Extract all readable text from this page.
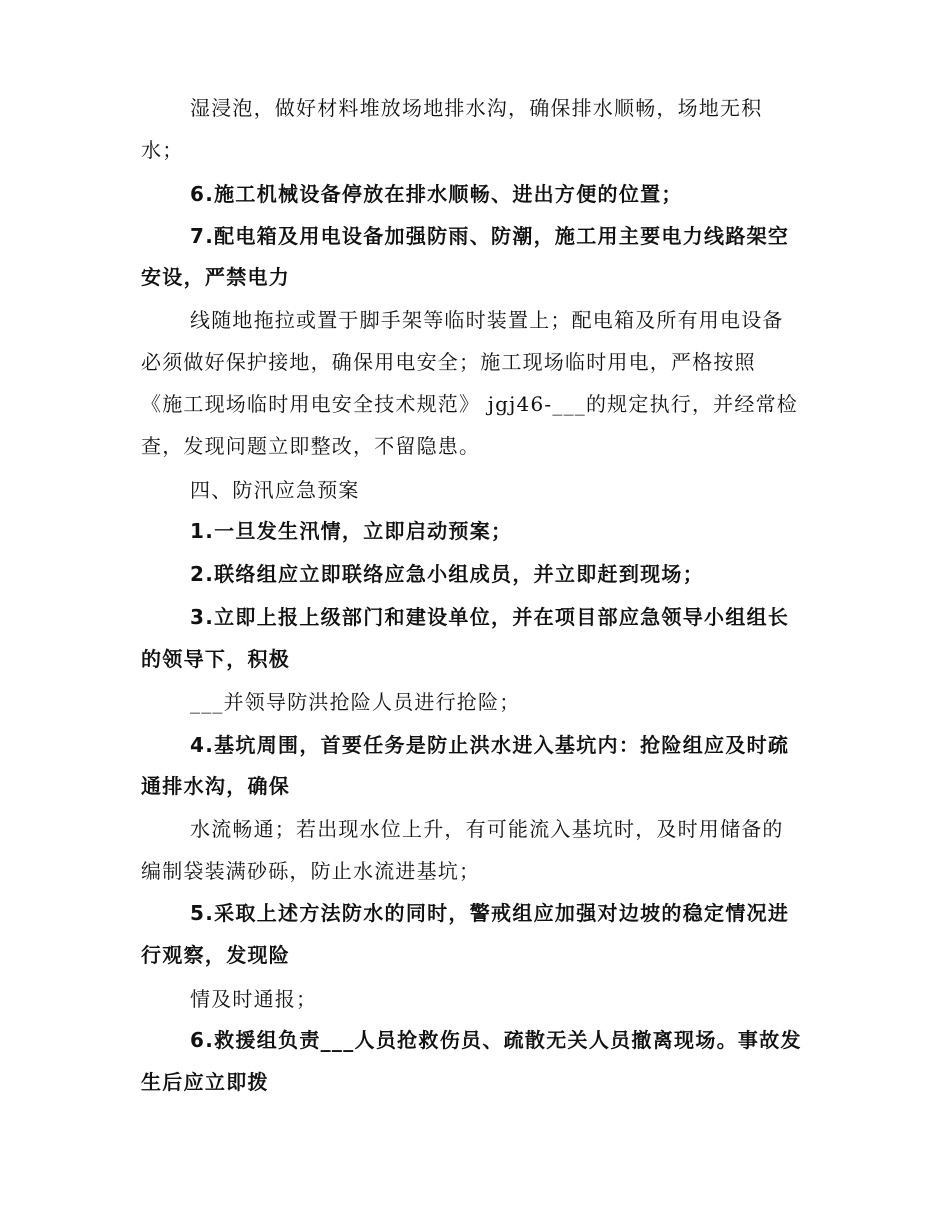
湿浸泡，做好材料堆放场地排水沟，确保排水顺畅，场地无积
水；
6.施工机械设备停放在排水顺畅、进出方便的位置；
7.配电箱及用电设备加强防雨、防潮，施工用主要电力线路架空
安设，严禁电力
线随地拖拉或置于脚手架等临时装置上；配电箱及所有用电设备
必须做好保护接地，确保用电安全；施工现场临时用电，严格按照
《施工现场临时用电安全技术规范》 jgj46-___的规定执行，并经常检
查，发现问题立即整改，不留隐患。
四、防汛应急预案
1.一旦发生汛情，立即启动预案；
2.联络组应立即联络应急小组成员，并立即赶到现场；
3.立即上报上级部门和建设单位，并在项目部应急领导小组组长
的领导下，积极
___并领导防洪抢险人员进行抢险；
4.基坑周围，首要任务是防止洪水进入基坑内：抢险组应及时疏
通排水沟，确保
水流畅通；若出现水位上升，有可能流入基坑时，及时用储备的
编制袋装满砂砾，防止水流进基坑；
5.采取上述方法防水的同时，警戒组应加强对边坡的稳定情况进
行观察，发现险
情及时通报；
6.救援组负责___人员抢救伤员、疏散无关人员撤离现场。事故发
生后应立即拨
